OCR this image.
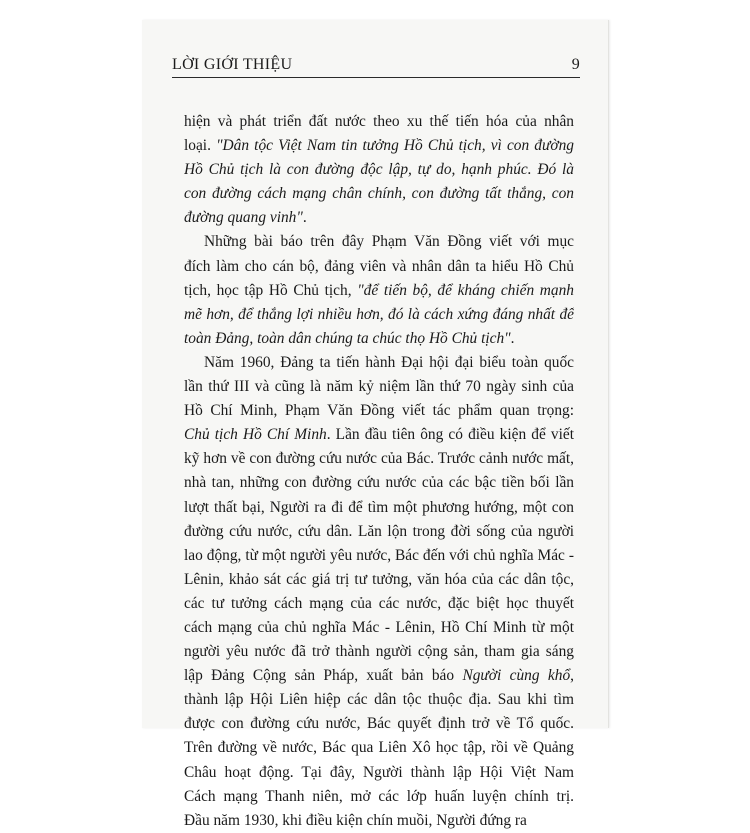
LỜI GIỚI THIỆU	9

hiện và phát triển đất nước theo xu thế tiến hóa của nhân
loại. "Dân tộc Việt Nam tin tưởng Hồ Chủ tịch, vì con đường
Hồ Chủ tịch là con đường độc lập, tự do, hạnh phúc. Đó là
con đường cách mạng chân chính, con đường tất thắng, con
đường quang vinh".

Những bài báo trên đây Phạm Văn Đồng viết với mục
đích làm cho cán bộ, đảng viên và nhân dân ta hiểu Hồ Chủ
tịch, học tập Hồ Chủ tịch, "để tiến bộ, để kháng chiến mạnh
mẽ hơn, để thắng lợi nhiều hơn, đó là cách xứng đáng nhất để
toàn Đảng, toàn dân chúng ta chúc thọ Hồ Chủ tịch".

Năm 1960, Đảng ta tiến hành Đại hội đại biểu toàn quốc
lần thứ III và cũng là năm kỷ niệm lần thứ 70 ngày sinh của
Hồ Chí Minh, Phạm Văn Đồng viết tác phẩm quan trọng:
Chủ tịch Hồ Chí Minh. Lần đầu tiên ông có điều kiện để viết
kỹ hơn về con đường cứu nước của Bác. Trước cảnh nước mất,
nhà tan, những con đường cứu nước của các bậc tiền bối lần
lượt thất bại, Người ra đi để tìm một phương hướng, một con
đường cứu nước, cứu dân. Lăn lộn trong đời sống của người
lao động, từ một người yêu nước, Bác đến với chủ nghĩa Mác -
Lênin, khảo sát các giá trị tư tưởng, văn hóa của các dân tộc,
các tư tưởng cách mạng của các nước, đặc biệt học thuyết
cách mạng của chủ nghĩa Mác - Lênin, Hồ Chí Minh từ một
người yêu nước đã trở thành người cộng sản, tham gia sáng
lập Đảng Cộng sản Pháp, xuất bản báo Người cùng khổ,
thành lập Hội Liên hiệp các dân tộc thuộc địa. Sau khi tìm
được con đường cứu nước, Bác quyết định trở về Tổ quốc.
Trên đường về nước, Bác qua Liên Xô học tập, rồi về Quảng
Châu hoạt động. Tại đây, Người thành lập Hội Việt Nam
Cách mạng Thanh niên, mở các lớp huấn luyện chính trị.
Đầu năm 1930, khi điều kiện chín muồi, Người đứng ra
